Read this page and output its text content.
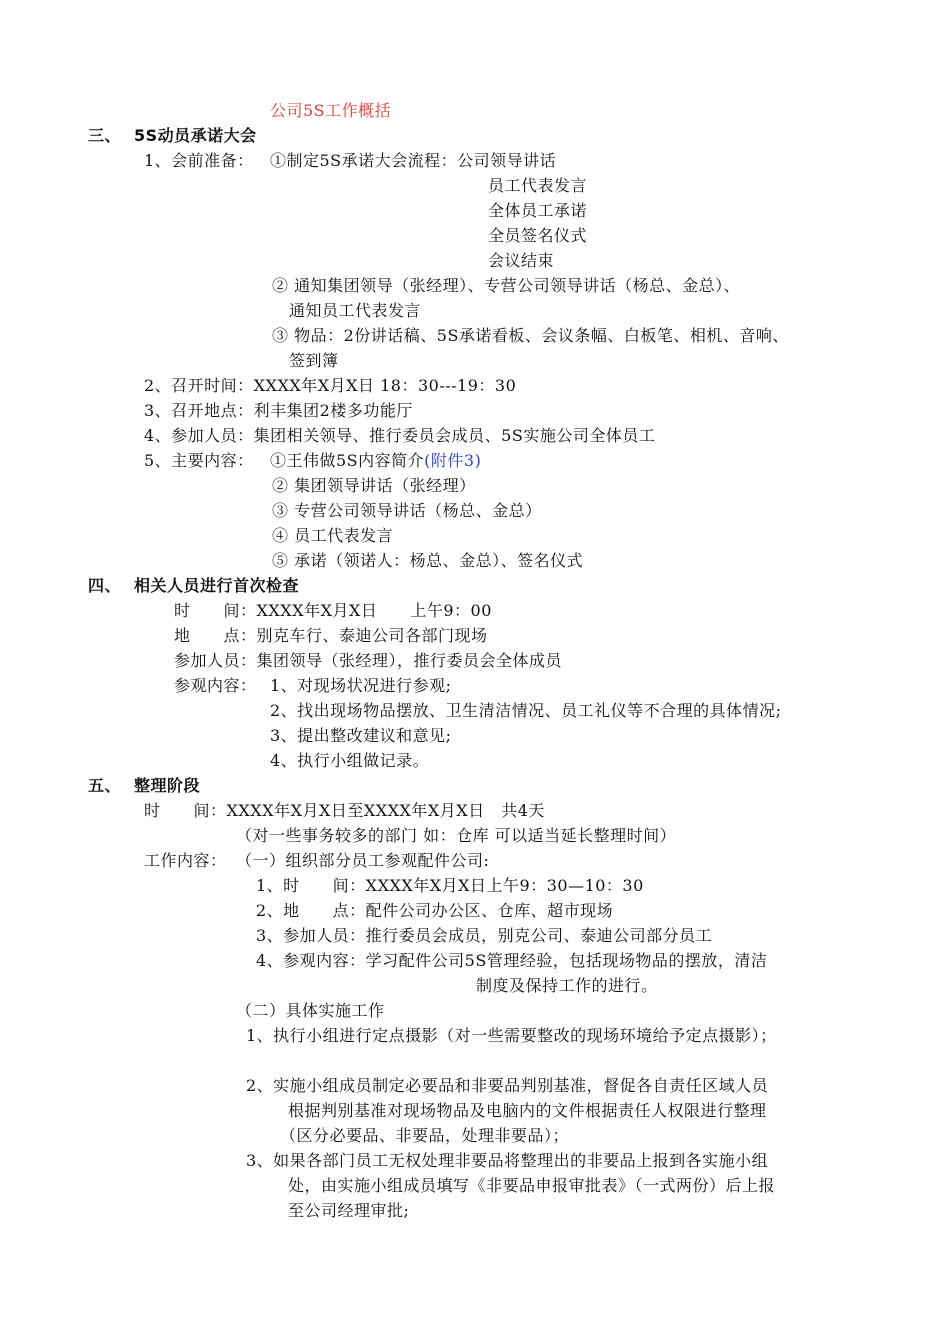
公司5S工作概括
三、 5S动员承诺大会
1、会前准备： ①制定5S承诺大会流程：公司领导讲话
员工代表发言
全体员工承诺
全员签名仪式
会议结束
② 通知集团领导（张经理）、专营公司领导讲话（杨总、金总）、
通知员工代表发言
③ 物品：2份讲话稿、5S承诺看板、会议条幅、白板笔、相机、音响、
签到簿
2、召开时间：XXXX年X月X日 18：30---19：30
3、召开地点：利丰集团2楼多功能厅
4、参加人员：集团相关领导、推行委员会成员、5S实施公司全体员工
5、主要内容： ①王伟做5S内容简介(附件3)
② 集团领导讲话（张经理）
③ 专营公司领导讲话（杨总、金总）
④ 员工代表发言
⑤ 承诺（领诺人：杨总、金总）、签名仪式
四、 相关人员进行首次检查
时　　间：XXXX年X月X日　　上午9：00
地　　点：别克车行、泰迪公司各部门现场
参加人员：集团领导（张经理），推行委员会全体成员
参观内容： 1、对现场状况进行参观;
2、找出现场物品摆放、卫生清洁情况、员工礼仪等不合理的具体情况;
3、提出整改建议和意见;
4、执行小组做记录。
五、 整理阶段
时　　间：XXXX年X月X日至XXXX年X月X日　共4天
（对一些事务较多的部门 如：仓库 可以适当延长整理时间）
工作内容： （一）组织部分员工参观配件公司:
1、时　　间：XXXX年X月X日上午9：30—10：30
2、地　　点：配件公司办公区、仓库、超市现场
3、参加人员：推行委员会成员，别克公司、泰迪公司部分员工
4、参观内容：学习配件公司5S管理经验，包括现场物品的摆放，清洁
制度及保持工作的进行。
（二）具体实施工作
1、执行小组进行定点摄影（对一些需要整改的现场环境给予定点摄影）；
2、实施小组成员制定必要品和非要品判别基准，督促各自责任区域人员
根据判别基准对现场物品及电脑内的文件根据责任人权限进行整理
（区分必要品、非要品，处理非要品）；
3、如果各部门员工无权处理非要品将整理出的非要品上报到各实施小组
处，由实施小组成员填写《非要品申报审批表》（一式两份）后上报
至公司经理审批;
